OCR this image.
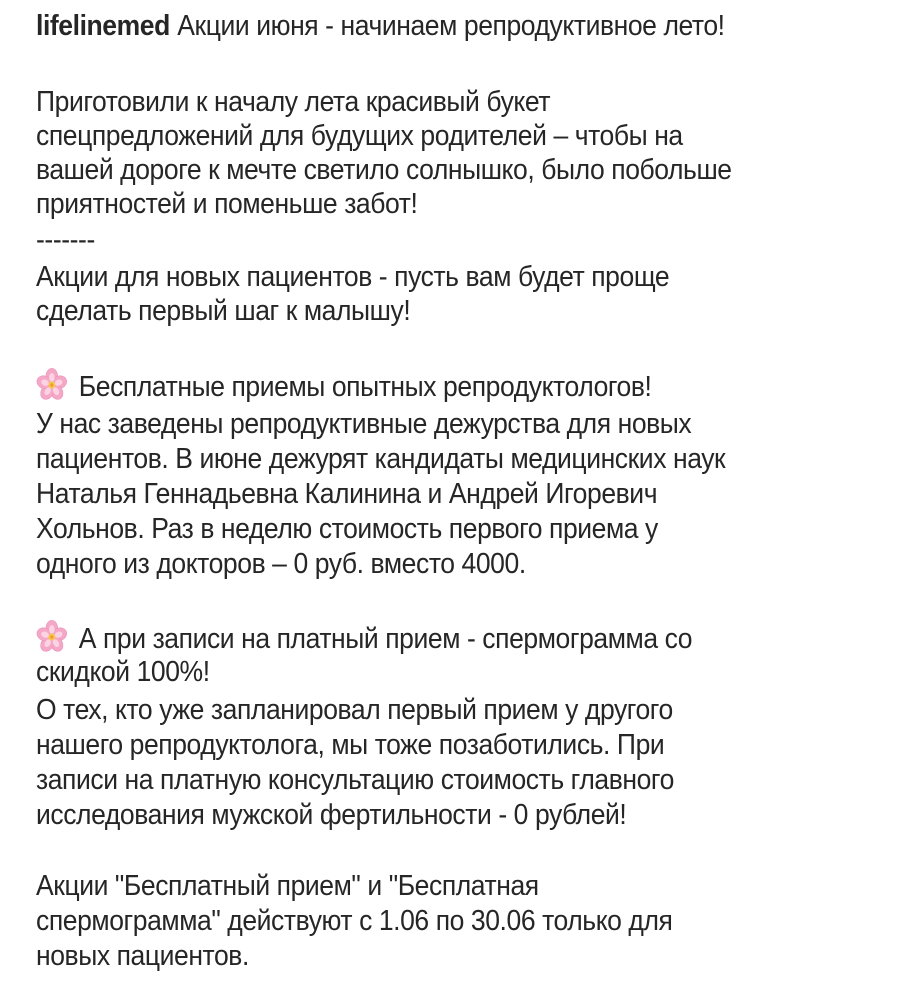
lifelinemed Акции июня - начинаем репродуктивное лето!
Приготовили к началу лета красивый букет
спецпредложений для будущих родителей – чтобы на
вашей дороге к мечте светило солнышко, было побольше
приятностей и поменьше забот!
-------
Акции для новых пациентов - пусть вам будет проще
сделать первый шаг к малышу!
Бесплатные приемы опытных репродуктологов!
У нас заведены репродуктивные дежурства для новых
пациентов. В июне дежурят кандидаты медицинских наук
Наталья Геннадьевна Калинина и Андрей Игоревич
Хольнов. Раз в неделю стоимость первого приема у
одного из докторов – 0 руб. вместо 4000.
А при записи на платный прием - спермограмма со
скидкой 100%!
О тех, кто уже запланировал первый прием у другого
нашего репродуктолога, мы тоже позаботились. При
записи на платную консультацию стоимость главного
исследования мужской фертильности - 0 рублей!
Акции "Бесплатный прием" и "Бесплатная
спермограмма" действуют с 1.06 по 30.06 только для
новых пациентов.
